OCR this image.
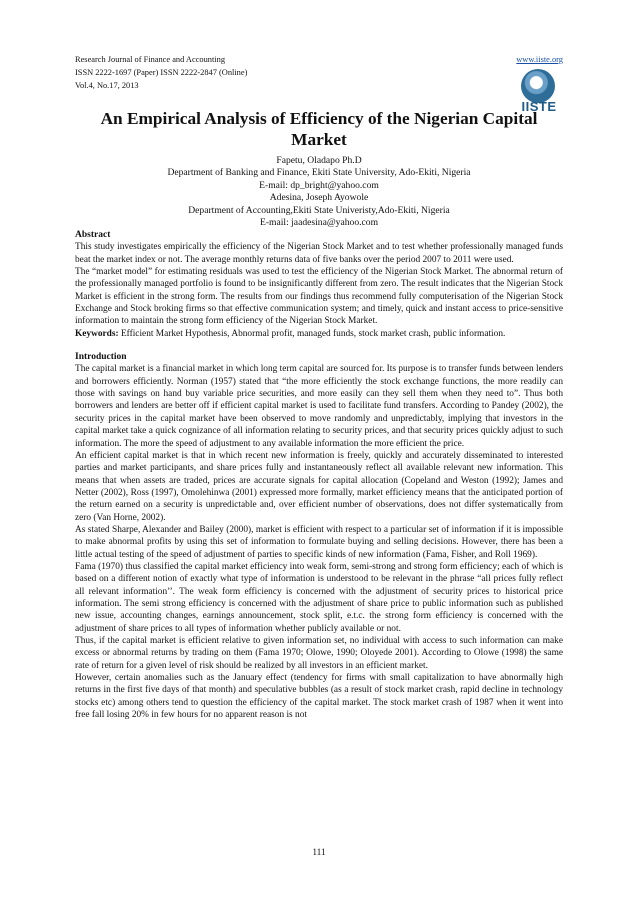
Research Journal of Finance and Accounting
ISSN 2222-1697 (Paper) ISSN 2222-2847 (Online)
Vol.4, No.17, 2013
www.iiste.org
IISTE
An Empirical Analysis of Efficiency of the Nigerian Capital Market
Fapetu, Oladapo Ph.D
Department of Banking and Finance, Ekiti State University, Ado-Ekiti, Nigeria
E-mail: dp_bright@yahoo.com
Adesina, Joseph Ayowole
Department of Accounting,Ekiti State Univeristy,Ado-Ekiti, Nigeria
E-mail: jaadesina@yahoo.com
Abstract

This study investigates empirically the efficiency of the Nigerian Stock Market and to test whether professionally managed funds beat the market index or not. The average monthly returns data of five banks over the period 2007 to 2011 were used.

The “market model” for estimating residuals was used to test the efficiency of the Nigerian Stock Market. The abnormal return of the professionally managed portfolio is found to be insignificantly different from zero. The result indicates that the Nigerian Stock Market is efficient in the strong form. The results from our findings thus recommend fully computerisation of the Nigerian Stock Exchange and Stock broking firms so that effective communication system; and timely, quick and instant access to price-sensitive information to maintain the strong form efficiency of the Nigerian Stock Market.

Keywords: Efficient Market Hypothesis, Abnormal profit, managed funds, stock market crash, public information.

Introduction

The capital market is a financial market in which long term capital are sourced for. Its purpose is to transfer funds between lenders and borrowers efficiently. Norman (1957) stated that “the more efficiently the stock exchange functions, the more readily can those with savings on hand buy variable price securities, and more easily can they sell them when they need to”. Thus both borrowers and lenders are better off if efficient capital market is used to facilitate fund transfers. According to Pandey (2002), the security prices in the capital market have been observed to move randomly and unpredictably, implying that investors in the capital market take a quick cognizance of all information relating to security prices, and that security prices quickly adjust to such information. The more the speed of adjustment to any available information the more efficient the price.

An efficient capital market is that in which recent new information is freely, quickly and accurately disseminated to interested parties and market participants, and share prices fully and instantaneously reflect all available relevant new information. This means that when assets are traded, prices are accurate signals for capital allocation (Copeland and Weston (1992); James and Netter (2002), Ross (1997), Omolehinwa (2001) expressed more formally, market efficiency means that the anticipated portion of the return earned on a security is unpredictable and, over efficient number of observations, does not differ systematically from zero (Van Horne, 2002).

As stated Sharpe, Alexander and Bailey (2000), market is efficient with respect to a particular set of information if it is impossible to make abnormal profits by using this set of information to formulate buying and selling decisions. However, there has been a little actual testing of the speed of adjustment of parties to specific kinds of new information (Fama, Fisher, and Roll 1969).

Fama (1970) thus classified the capital market efficiency into weak form, semi-strong and strong form efficiency; each of which is based on a different notion of exactly what type of information is understood to be relevant in the phrase “all prices fully reflect all relevant information’’. The weak form efficiency is concerned with the adjustment of security prices to historical price information. The semi strong efficiency is concerned with the adjustment of share price to public information such as published new issue, accounting changes, earnings announcement, stock split, e.t.c. the strong form efficiency is concerned with the adjustment of share prices to all types of information whether publicly available or not.

Thus, if the capital market is efficient relative to given information set, no individual with access to such information can make excess or abnormal returns by trading on them (Fama 1970; Olowe, 1990; Oloyede 2001). According to Olowe (1998) the same rate of return for a given level of risk should be realized by all investors in an efficient market.

However, certain anomalies such as the January effect (tendency for firms with small capitalization to have abnormally high returns in the first five days of that month) and speculative bubbles (as a result of stock market crash, rapid decline in technology stocks etc) among others tend to question the efficiency of the capital market. The stock market crash of 1987 when it went into free fall losing 20% in few hours for no apparent reason is not

111
